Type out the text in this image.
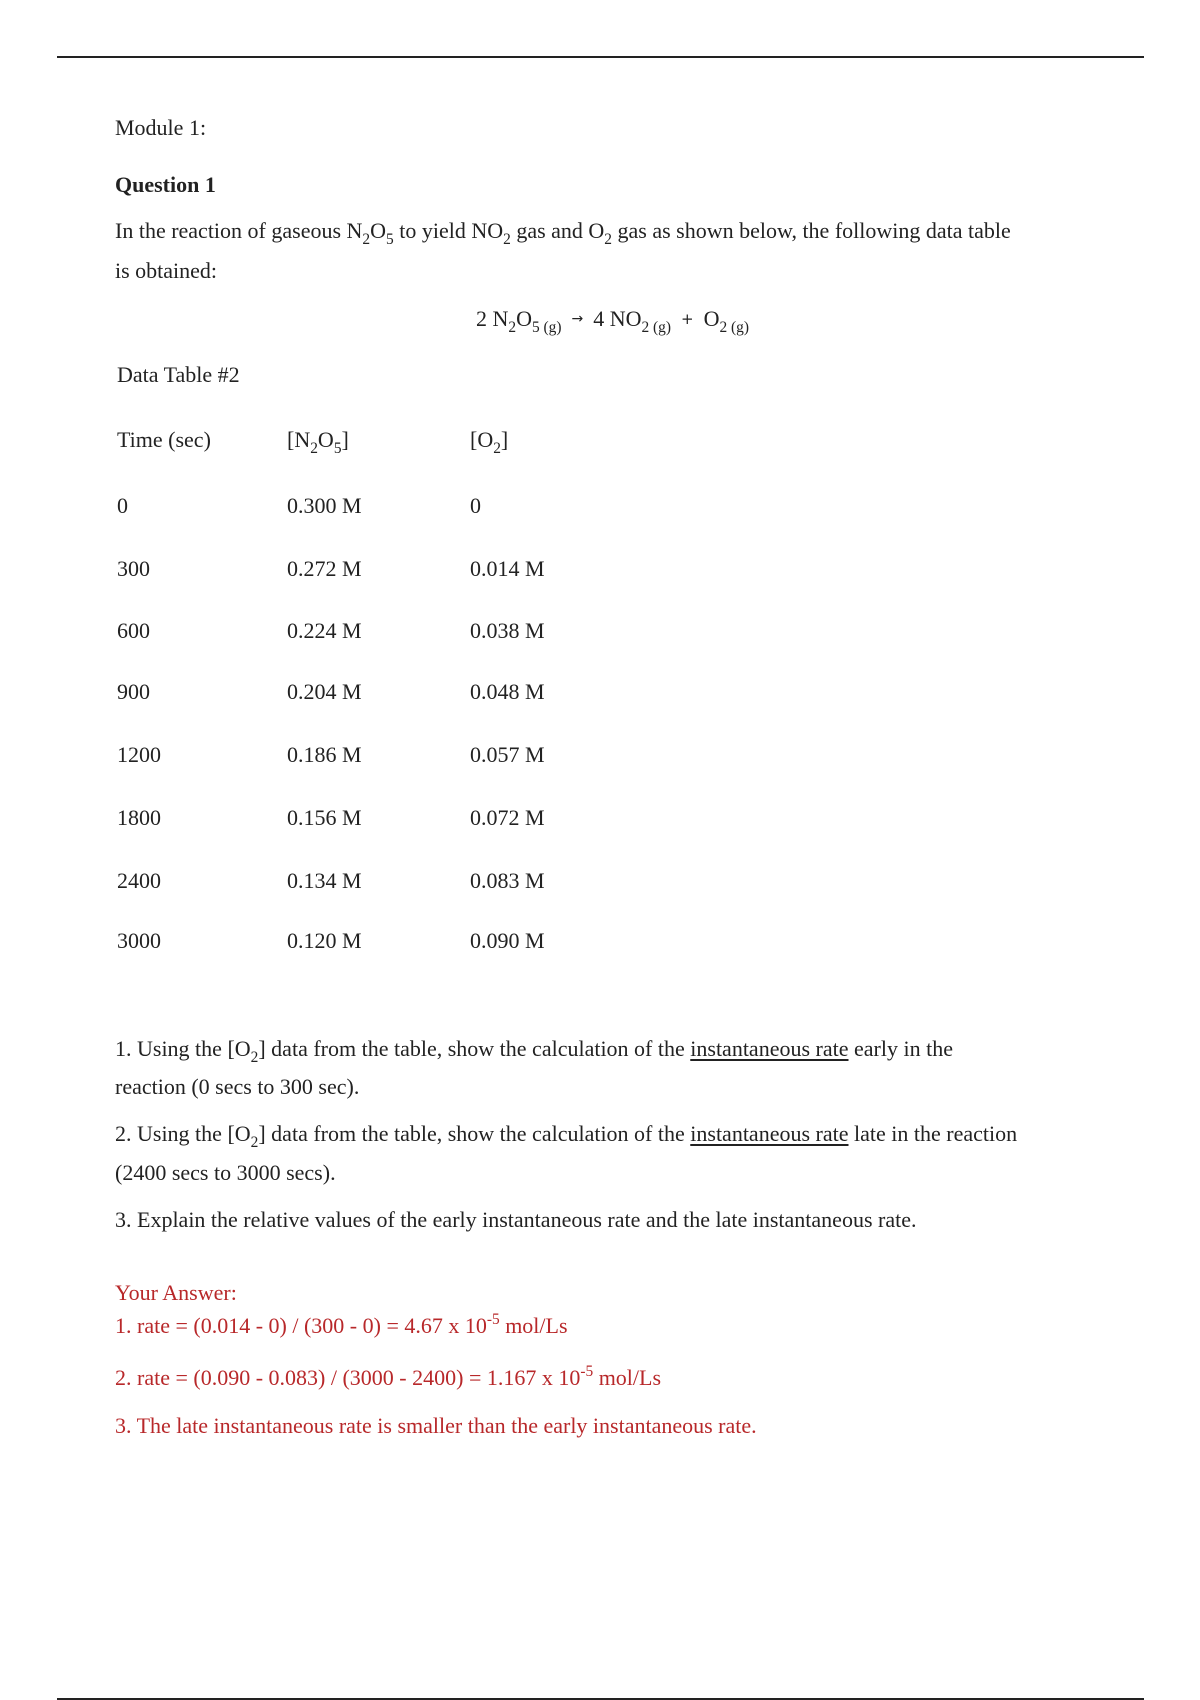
Module 1:
Question 1
In the reaction of gaseous $N_2O_5$ to yield $NO_2$ gas and $O_2$ gas as shown below, the following data table
is obtained:
2 $N_2O_{5 (g)} \to 4$ $NO_{2 (g)} + O_{2 (g)}$
Data Table #2
Time (sec)	$[N_2O_5]$	$[O_2]$
0	0.300 M	0
300	0.272 M	0.014 M
600	0.224 M	0.038 M
900	0.204 M	0.048 M
1200	0.186 M	0.057 M
1800	0.156 M	0.072 M
2400	0.134 M	0.083 M
3000	0.120 M	0.090 M
1. Using the $[O_2]$ data from the table, show the calculation of the instantaneous rate early in the
reaction (0 secs to 300 sec).
2. Using the $[O_2]$ data from the table, show the calculation of the instantaneous rate late in the reaction
(2400 secs to 3000 secs).
3. Explain the relative values of the early instantaneous rate and the late instantaneous rate.
Your Answer:
1. rate = (0.014 - 0) / (300 - 0) = 4.67 x $10^{-5}$ mol/Ls
2. rate = (0.090 - 0.083) / (3000 - 2400) = 1.167 x $10^{-5}$ mol/Ls
3. The late instantaneous rate is smaller than the early instantaneous rate.
